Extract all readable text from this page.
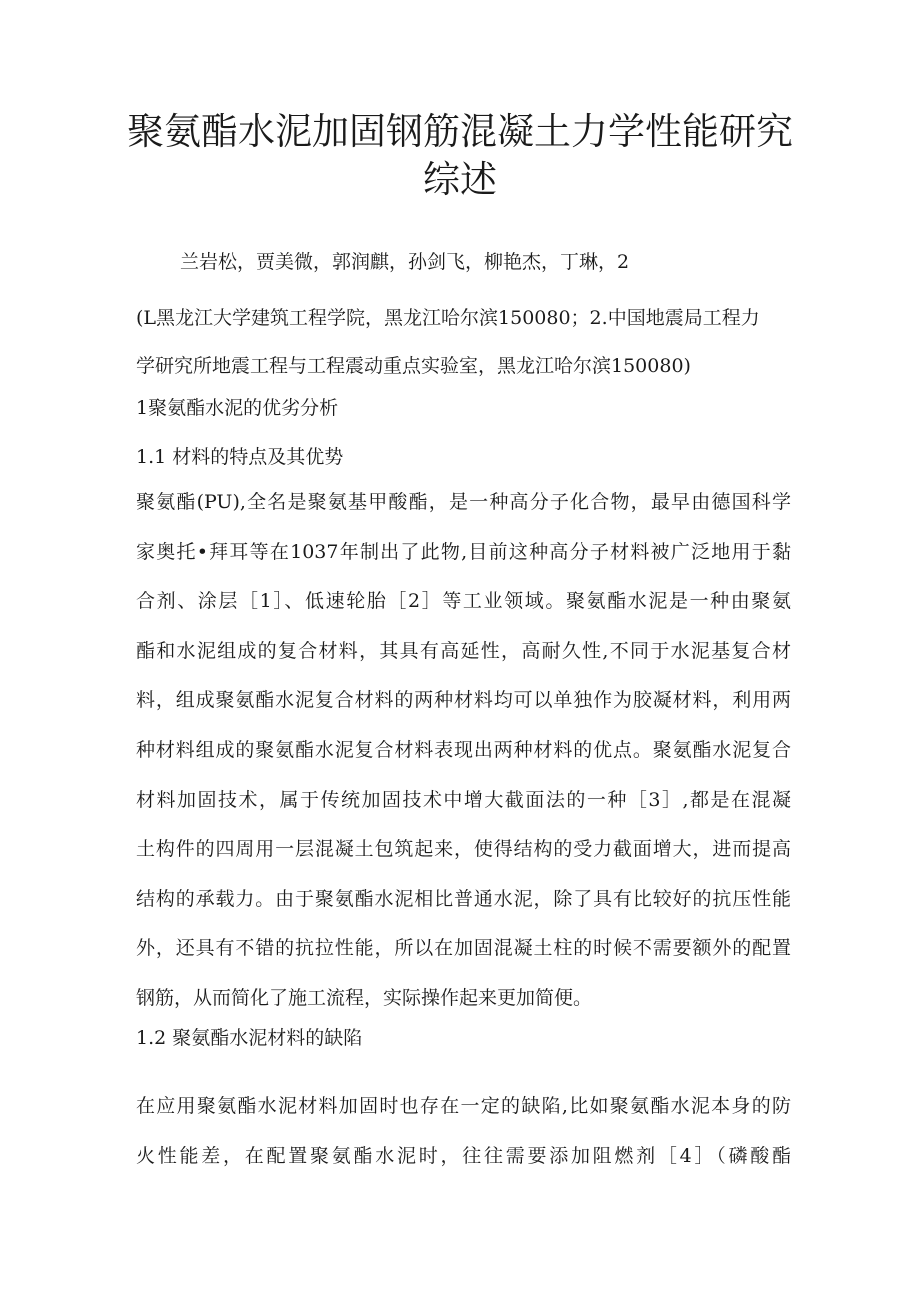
聚氨酯水泥加固钢筋混凝土力学性能研究
综述

兰岩松，贾美微，郭润麒，孙剑飞，柳艳杰，丁琳，2

(L黑龙江大学建筑工程学院，黑龙江哈尔滨150080；2.中国地震局工程力
学研究所地震工程与工程震动重点实验室，黑龙江哈尔滨150080)

1聚氨酯水泥的优劣分析
1.1 材料的特点及其优势

聚氨酯(PU),全名是聚氨基甲酸酯，是一种高分子化合物，最早由德国科学
家奥托•拜耳等在1037年制出了此物,目前这种高分子材料被广泛地用于黏
合剂、涂层［1］、低速轮胎［2］等工业领域。聚氨酯水泥是一种由聚氨
酯和水泥组成的复合材料，其具有高延性，高耐久性,不同于水泥基复合材
料，组成聚氨酯水泥复合材料的两种材料均可以单独作为胶凝材料，利用两
种材料组成的聚氨酯水泥复合材料表现出两种材料的优点。聚氨酯水泥复合
材料加固技术，属于传统加固技术中增大截面法的一种［3］,都是在混凝
土构件的四周用一层混凝土包筑起来，使得结构的受力截面增大，进而提高
结构的承载力。由于聚氨酯水泥相比普通水泥，除了具有比较好的抗压性能
外，还具有不错的抗拉性能，所以在加固混凝土柱的时候不需要额外的配置
钢筋，从而简化了施工流程，实际操作起来更加简便。

1.2 聚氨酯水泥材料的缺陷

在应用聚氨酯水泥材料加固时也存在一定的缺陷,比如聚氨酯水泥本身的防
火性能差，在配置聚氨酯水泥时，往往需要添加阻燃剂［4］（磷酸酯
